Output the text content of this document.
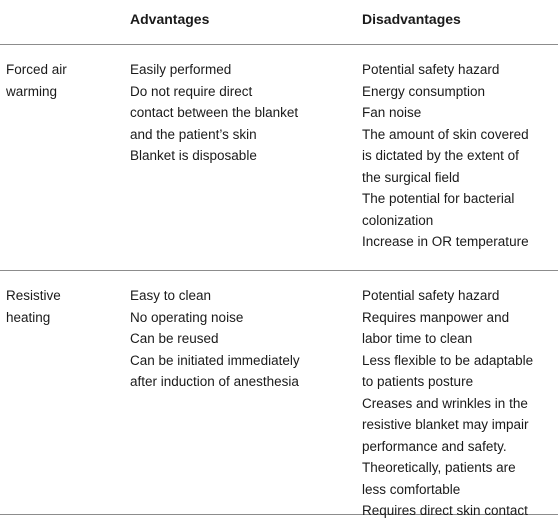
Advantages	Disadvantages
Forced air
warming
Easily performed
Do not require direct
contact between the blanket
and the patient’s skin
Blanket is disposable
Potential safety hazard
Energy consumption
Fan noise
The amount of skin covered
is dictated by the extent of
the surgical field
The potential for bacterial
colonization
Increase in OR temperature
Resistive
heating
Easy to clean
No operating noise
Can be reused
Can be initiated immediately
after induction of anesthesia
Potential safety hazard
Requires manpower and
labor time to clean
Less flexible to be adaptable
to patients posture
Creases and wrinkles in the
resistive blanket may impair
performance and safety.
Theoretically, patients are
less comfortable
Requires direct skin contact
